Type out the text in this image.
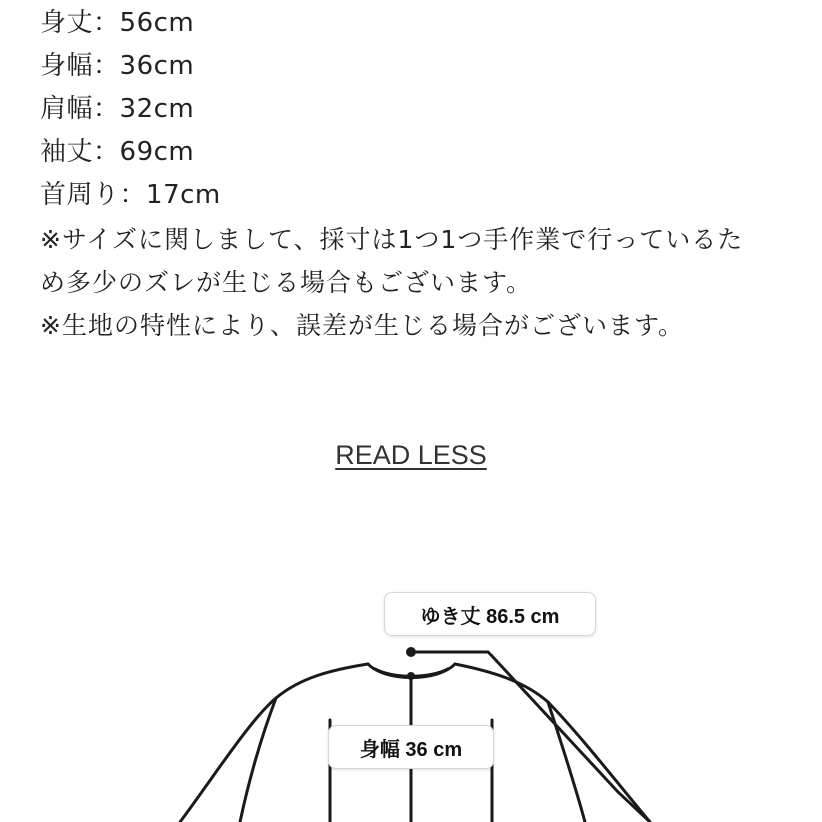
身丈：56cm
身幅：36cm
肩幅：32cm
袖丈：69cm
首周り：17cm
※サイズに関しまして、採寸は1つ1つ手作業で行っているた
め多少のズレが生じる場合もございます。
※生地の特性により、誤差が生じる場合がございます。
READ LESS
ゆき丈 86.5 cm
身幅 36 cm
